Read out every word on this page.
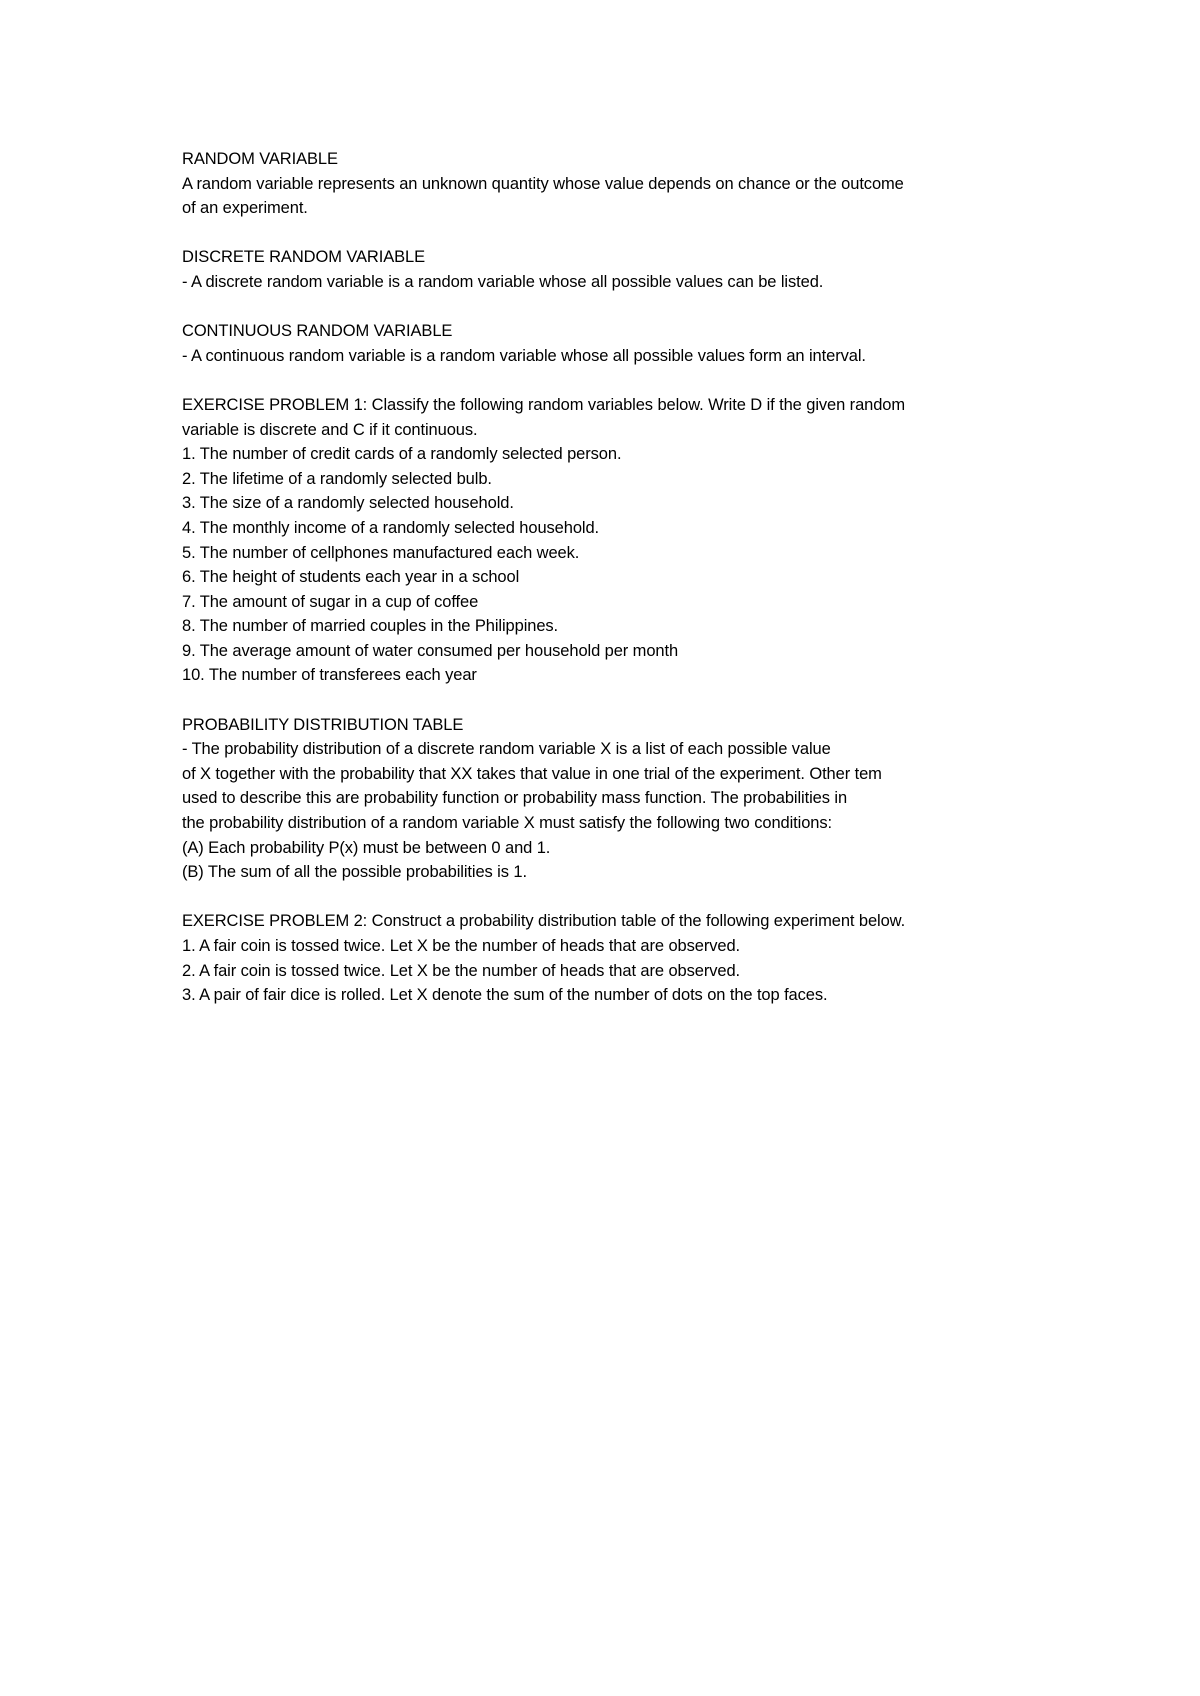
RANDOM VARIABLE
A random variable represents an unknown quantity whose value depends on chance or the outcome
of an experiment.
DISCRETE RANDOM VARIABLE
- A discrete random variable is a random variable whose all possible values can be listed.
CONTINUOUS RANDOM VARIABLE
- A continuous random variable is a random variable whose all possible values form an interval.
EXERCISE PROBLEM 1: Classify the following random variables below. Write D if the given random
variable is discrete and C if it continuous.
1. The number of credit cards of a randomly selected person.
2. The lifetime of a randomly selected bulb.
3. The size of a randomly selected household.
4. The monthly income of a randomly selected household.
5. The number of cellphones manufactured each week.
6. The height of students each year in a school
7. The amount of sugar in a cup of coffee
8. The number of married couples in the Philippines.
9. The average amount of water consumed per household per month
10. The number of transferees each year
PROBABILITY DISTRIBUTION TABLE
- The probability distribution of a discrete random variable X is a list of each possible value
of X together with the probability that XX takes that value in one trial of the experiment. Other tem
used to describe this are probability function or probability mass function. The probabilities in
the probability distribution of a random variable X must satisfy the following two conditions:
(A) Each probability P(x) must be between 0 and 1.
(B) The sum of all the possible probabilities is 1.
EXERCISE PROBLEM 2: Construct a probability distribution table of the following experiment below.
1. A fair coin is tossed twice. Let X be the number of heads that are observed.
2. A fair coin is tossed twice. Let X be the number of heads that are observed.
3. A pair of fair dice is rolled. Let X denote the sum of the number of dots on the top faces.
